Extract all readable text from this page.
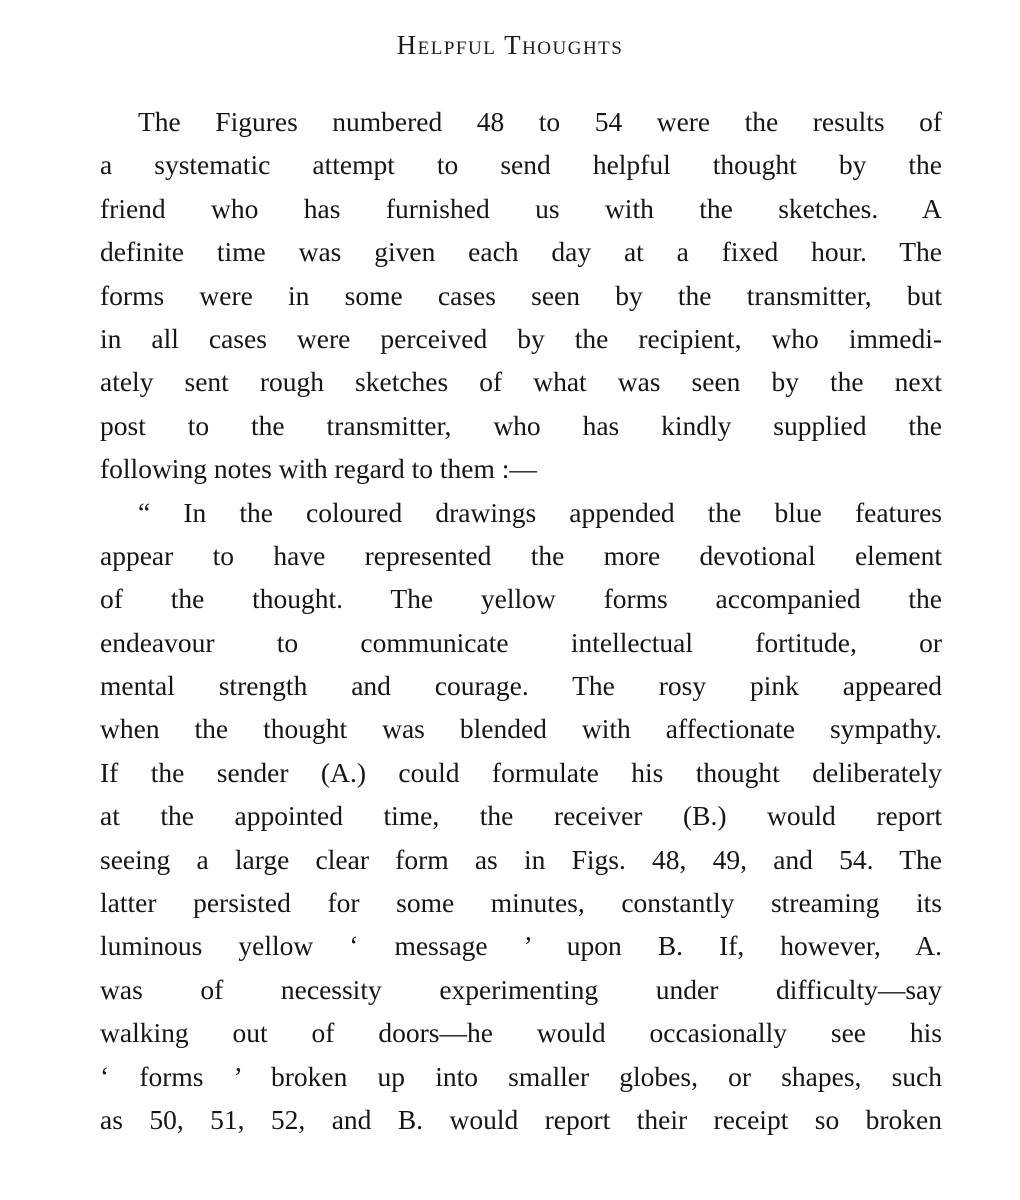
Helpful Thoughts
The Figures numbered 48 to 54 were the results of
a systematic attempt to send helpful thought by the
friend who has furnished us with the sketches. A
definite time was given each day at a fixed hour. The
forms were in some cases seen by the transmitter, but
in all cases were perceived by the recipient, who immedi-
ately sent rough sketches of what was seen by the next
post to the transmitter, who has kindly supplied the
following notes with regard to them :—
“ In the coloured drawings appended the blue features
appear to have represented the more devotional element
of the thought. The yellow forms accompanied the
endeavour to communicate intellectual fortitude, or
mental strength and courage. The rosy pink appeared
when the thought was blended with affectionate sympathy.
If the sender (A.) could formulate his thought deliberately
at the appointed time, the receiver (B.) would report
seeing a large clear form as in Figs. 48, 49, and 54. The
latter persisted for some minutes, constantly streaming its
luminous yellow ‘ message ’ upon B. If, however, A.
was of necessity experimenting under difficulty—say
walking out of doors—he would occasionally see his
‘ forms ’ broken up into smaller globes, or shapes, such
as 50, 51, 52, and B. would report their receipt so broken
